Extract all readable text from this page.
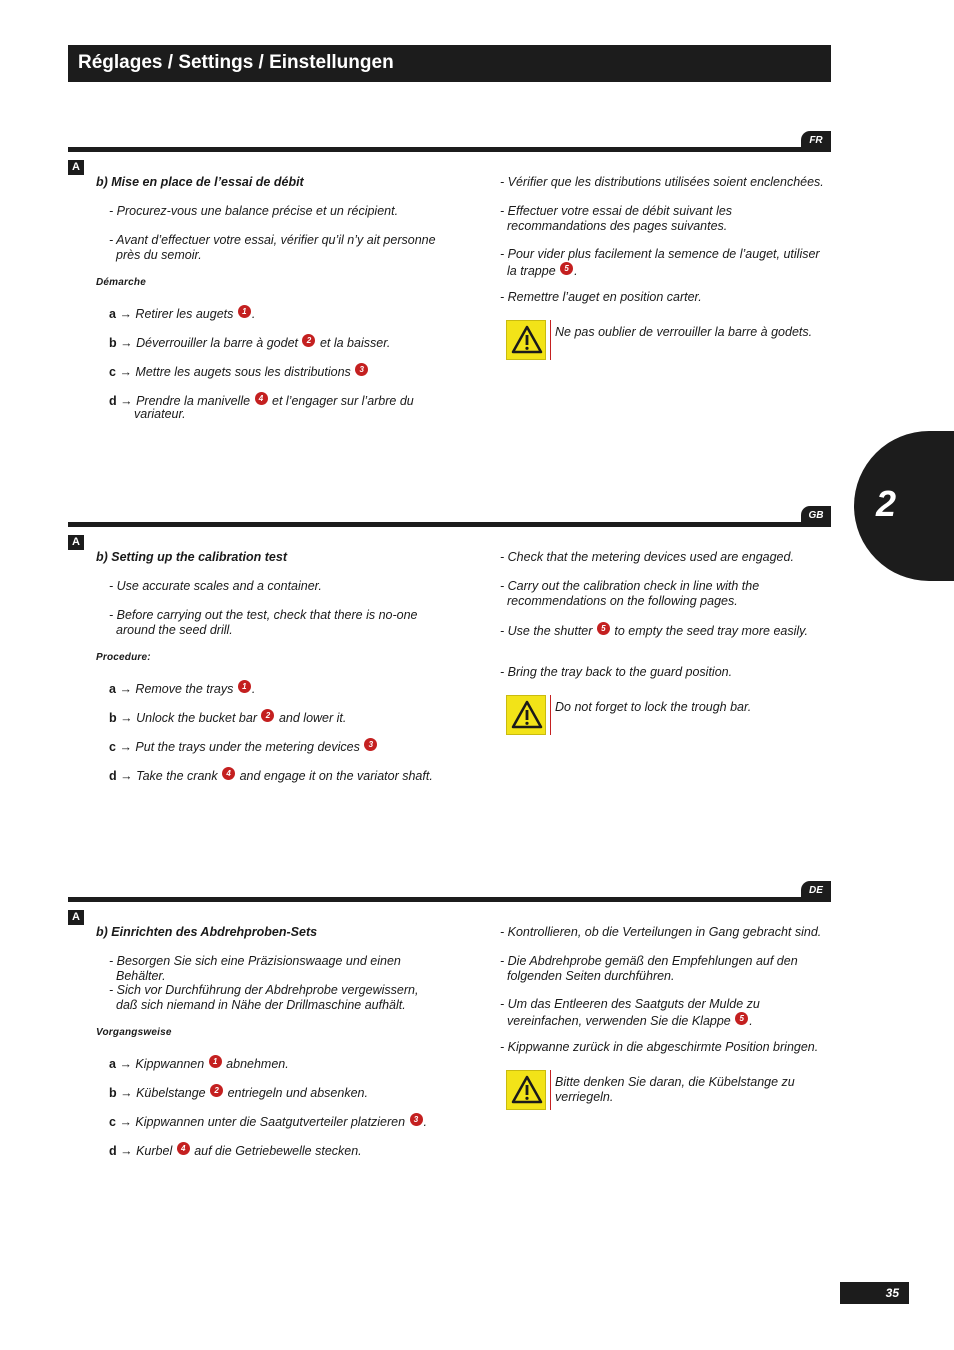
Réglages / Settings / Einstellungen
2
FR
A
b) Mise en place de l’essai de débit
- Procurez-vous une balance précise et un récipient.
- Avant d’effectuer votre essai, vérifier qu’il n’y ait personne
près du semoir.
Démarche
a → Retirer les augets 1 .
b → Déverrouiller la barre à godet 2 et la baisser.
c → Mettre les augets sous les distributions 3
d → Prendre la manivelle 4 et l’engager sur l’arbre du
variateur.
- Vérifier que les distributions utilisées soient enclenchées.
- Effectuer votre essai de débit suivant les
recommandations des pages suivantes.
- Pour vider plus facilement la semence de l’auget, utiliser
la trappe 5 .
- Remettre l’auget en position carter.
Ne pas oublier de verrouiller la barre à godets.
GB
A
b) Setting up the calibration test
- Use accurate scales and a container.
- Before carrying out the test, check that there is no-one
around the seed drill.
Procedure:
a → Remove the trays 1 .
b → Unlock the bucket bar 2 and lower it.
c → Put the trays under the metering devices 3
d → Take the crank 4 and engage it on the variator shaft.
- Check that the metering devices used are engaged.
- Carry out the calibration check in line with the
recommendations on the following pages.
- Use the shutter 5 to empty the seed tray more easily.
- Bring the tray back to the guard position.
Do not forget to lock the trough bar.
DE
A
b) Einrichten des Abdrehproben-Sets
- Besorgen Sie sich eine Präzisionswaage und einen
Behälter.
- Sich vor Durchführung der Abdrehprobe vergewissern,
daß sich niemand in Nähe der Drillmaschine aufhält.
Vorgangsweise
a → Kippwannen 1 abnehmen.
b → Kübelstange 2 entriegeln und absenken.
c → Kippwannen unter die Saatgutverteiler platzieren 3 .
d → Kurbel 4 auf die Getriebewelle stecken.
- Kontrollieren, ob die Verteilungen in Gang gebracht sind.
- Die Abdrehprobe gemäß den Empfehlungen auf den
folgenden Seiten durchführen.
- Um das Entleeren des Saatguts der Mulde zu
vereinfachen, verwenden Sie die Klappe 5 .
- Kippwanne zurück in die abgeschirmte Position bringen.
Bitte denken Sie daran, die Kübelstange zu
verriegeln.
35
